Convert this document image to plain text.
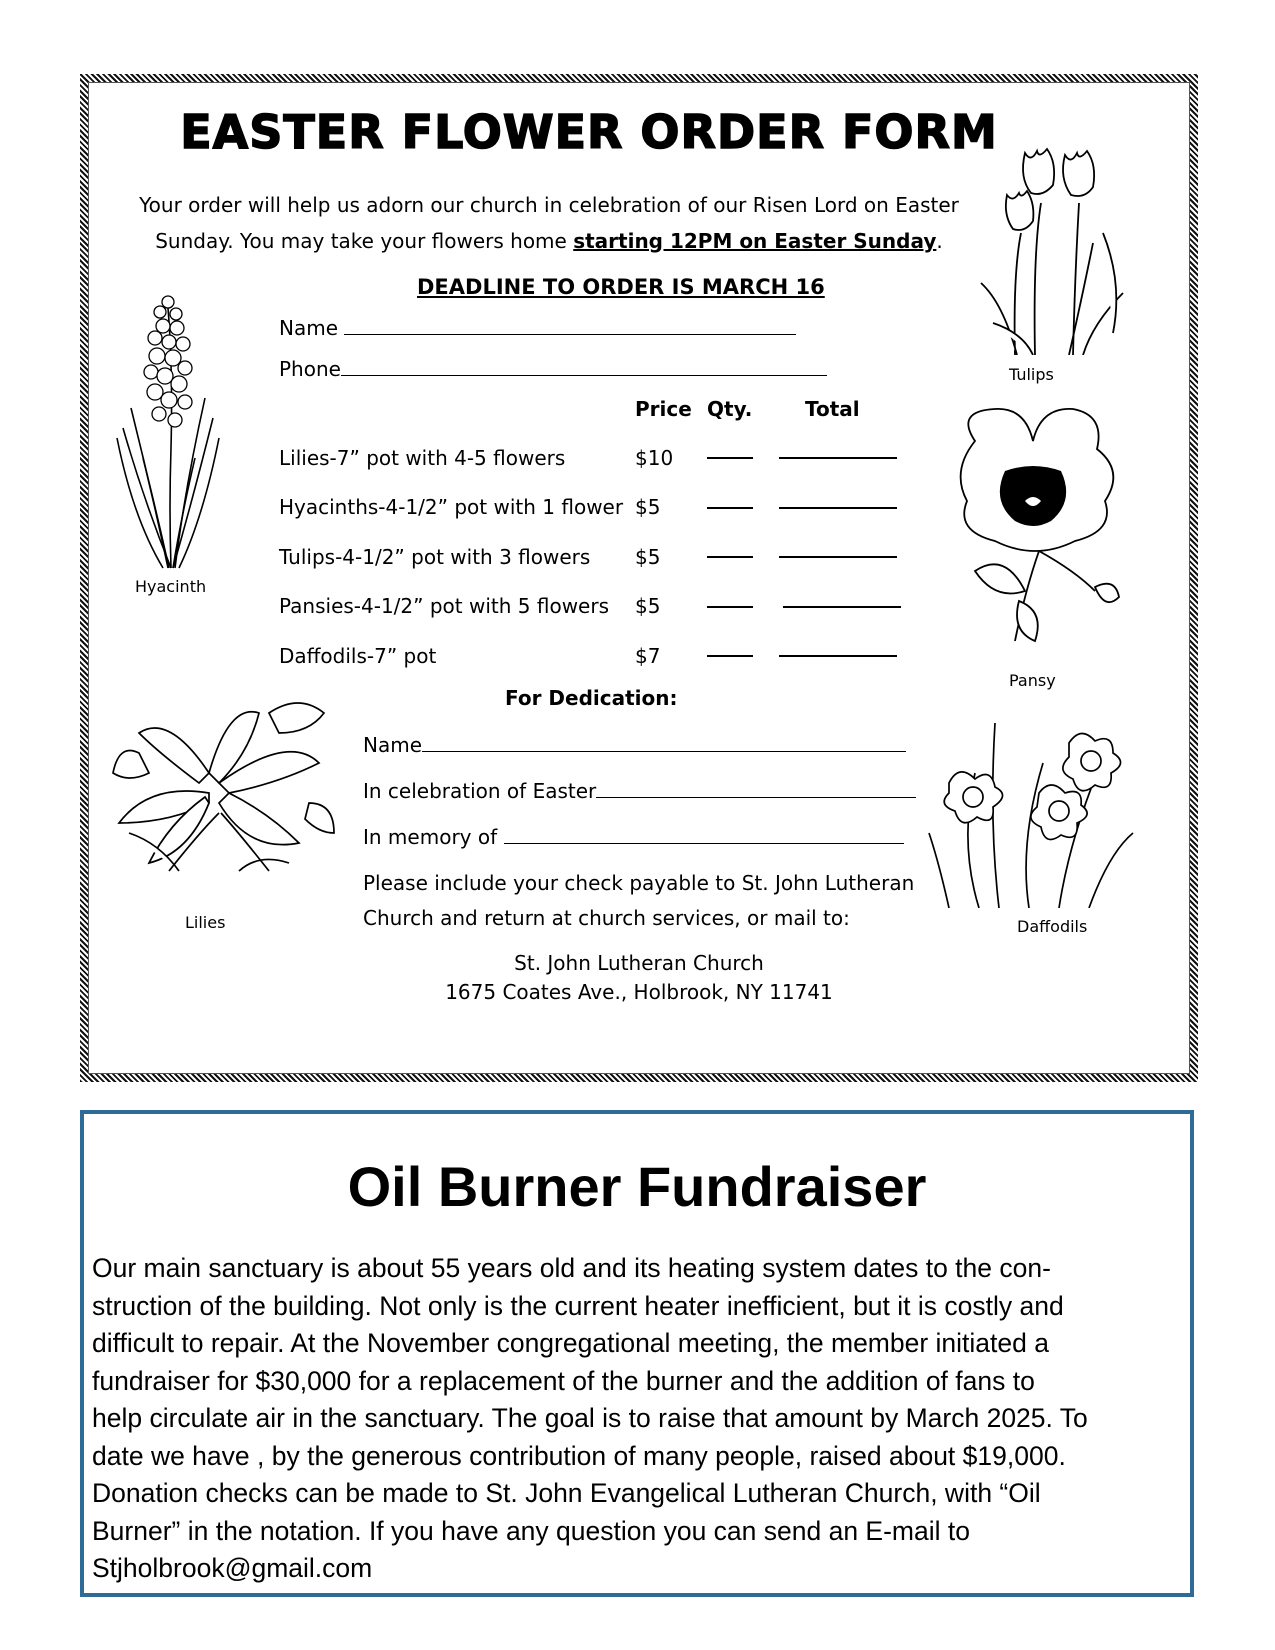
EASTER FLOWER ORDER FORM
Your order will help us adorn our church in celebration of our Risen Lord on Easter Sunday. You may take your flowers home starting 12PM on Easter Sunday.
DEADLINE TO ORDER IS MARCH 16
Name
Phone
Price Qty.	Total
Lilies-7” pot with 4-5 flowers	$10
Hyacinths-4-1/2” pot with 1 flower $5
Tulips-4-1/2” pot with 3 flowers $5
Pansies-4-1/2” pot with 5 flowers $5
Daffodils-7” pot	$7
For Dedication:
Name
In celebration of Easter
In memory of
Please include your check payable to St. John Lutheran
Church and return at church services, or mail to:
St. John Lutheran Church
1675 Coates Ave., Holbrook, NY 11741
Hyacinth
Tulips
Pansy
Lilies	Daffodils
Oil Burner Fundraiser
Our main sanctuary is about 55 years old and its heating system dates to the con-
struction of the building. Not only is the current heater inefficient, but it is costly and
difficult to repair. At the November congregational meeting, the member initiated a
fundraiser for $30,000 for a replacement of the burner and the addition of fans to
help circulate air in the sanctuary. The goal is to raise that amount by March 2025. To
date we have , by the generous contribution of many people, raised about $19,000.
Donation checks can be made to St. John Evangelical Lutheran Church, with “Oil
Burner” in the notation. If you have any question you can send an E-mail to
Stjholbrook@gmail.com
